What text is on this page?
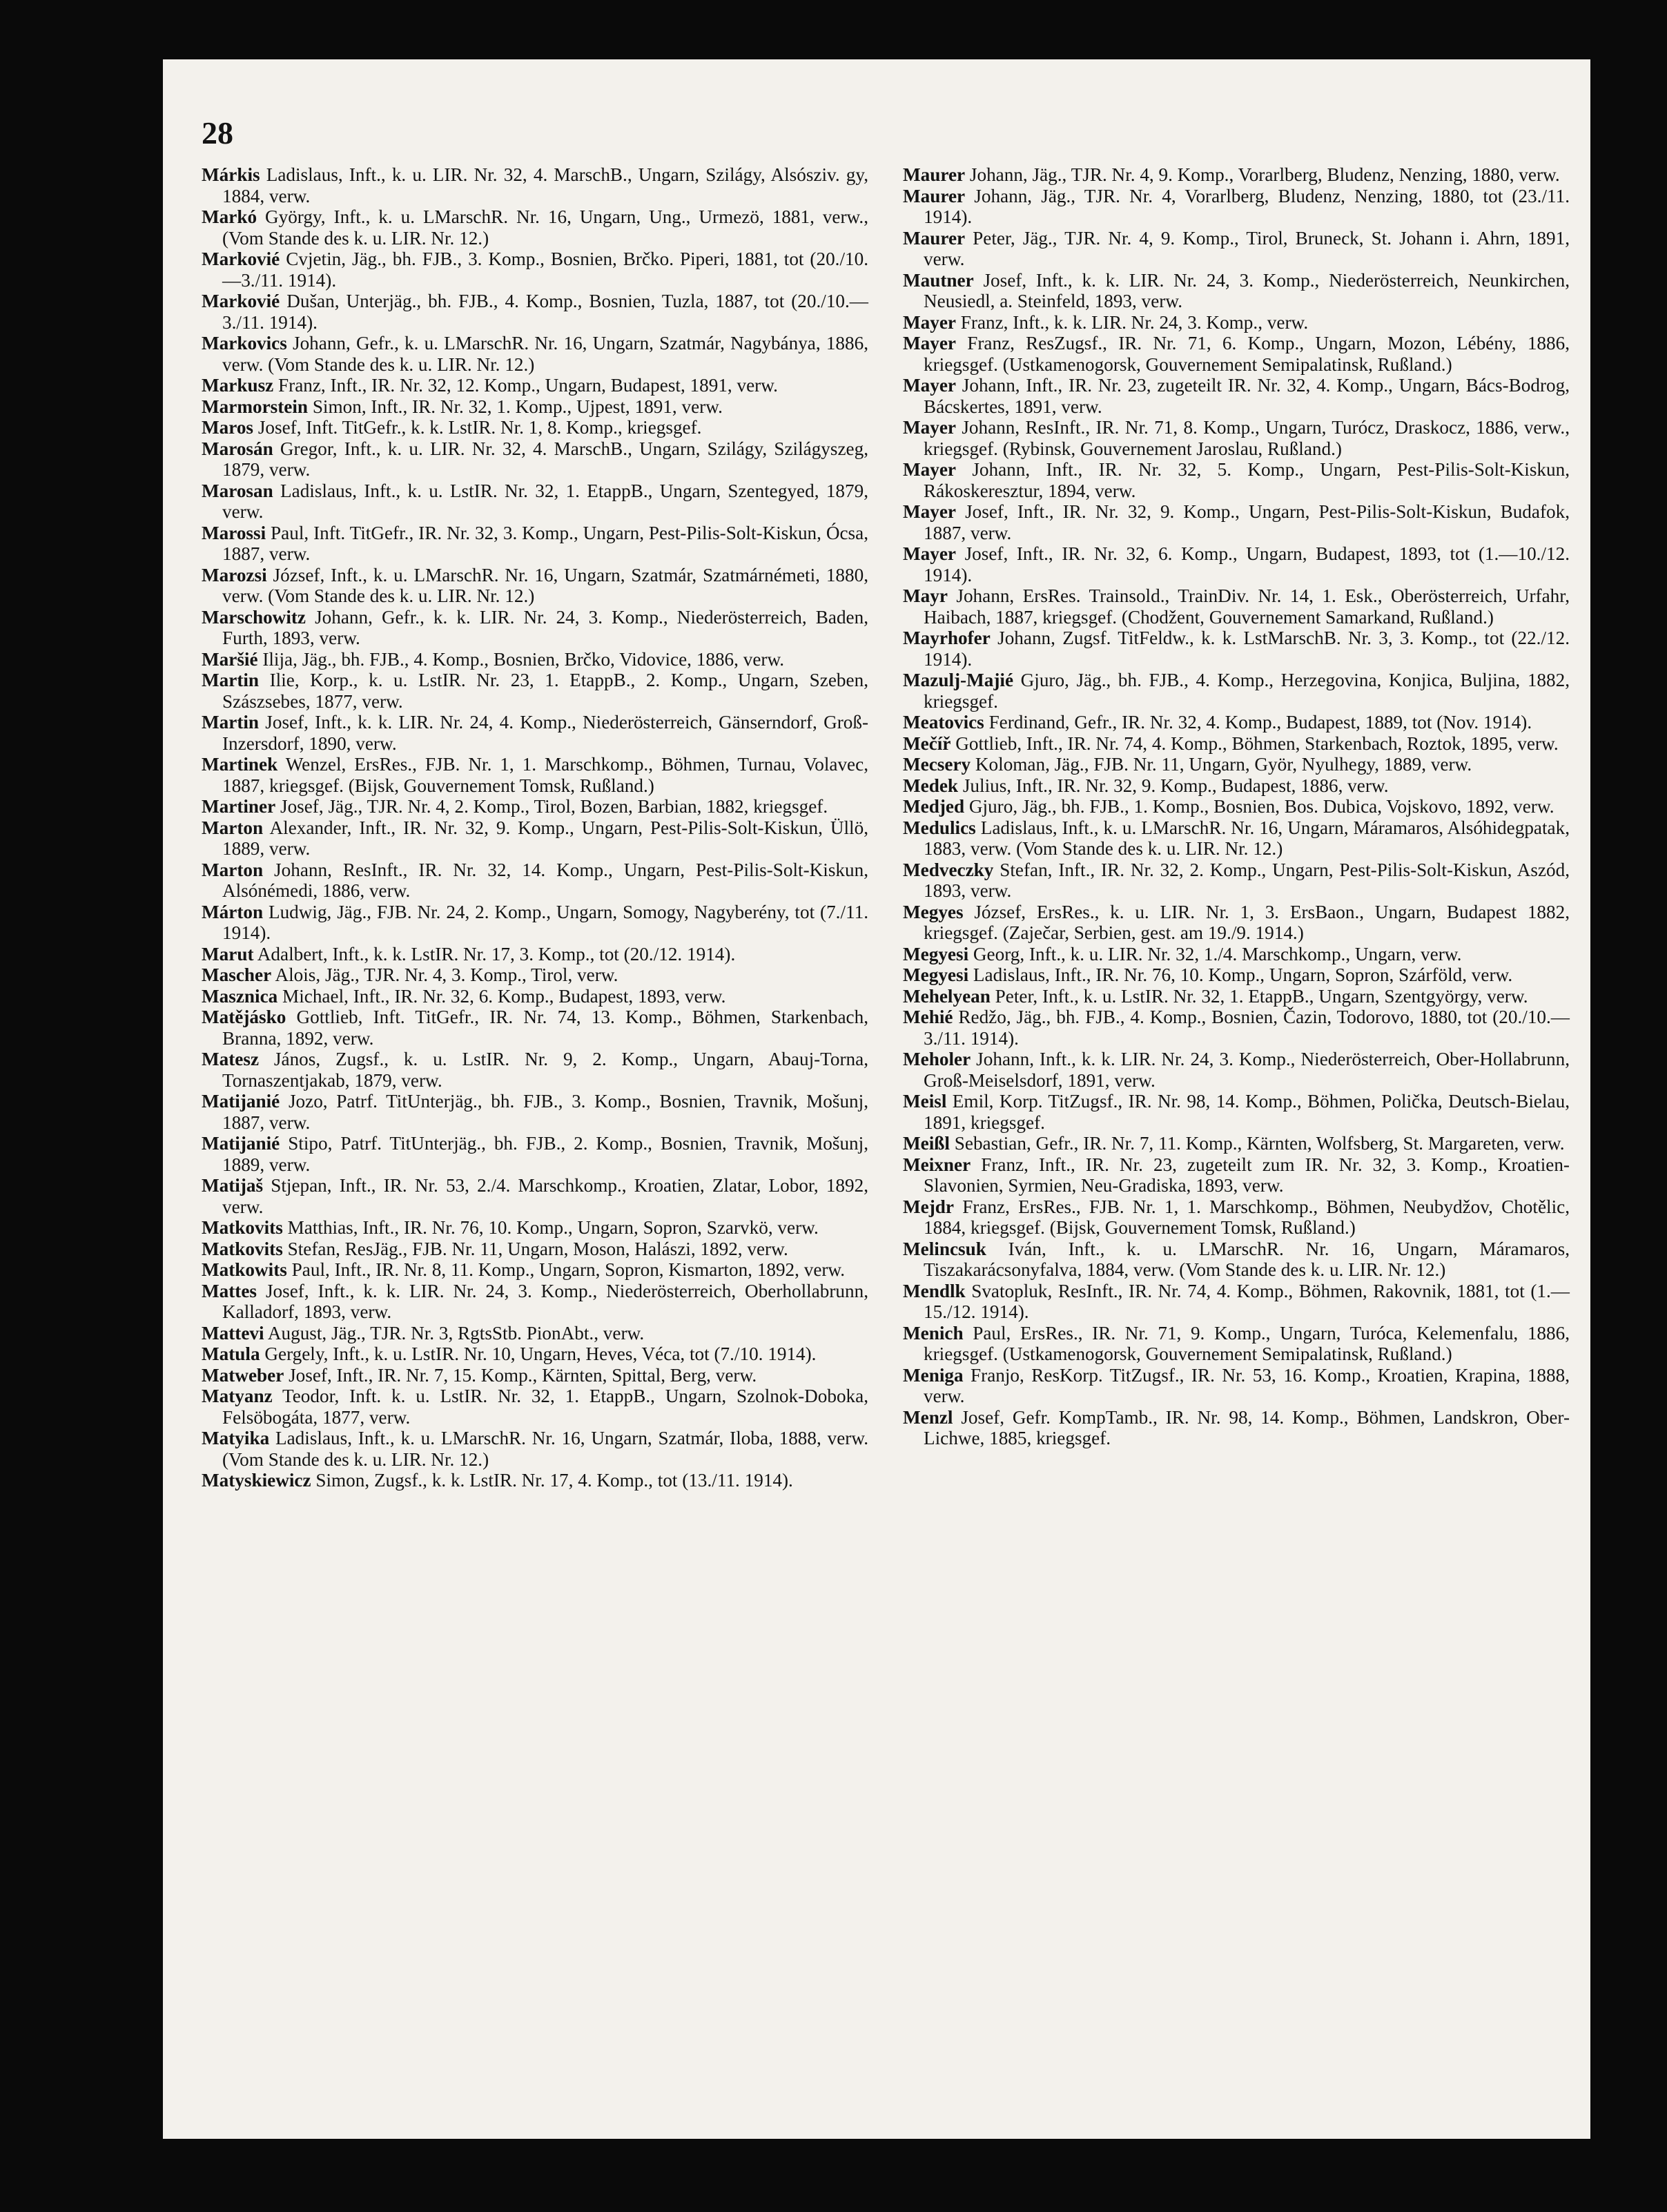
28

Márkis Ladislaus, Inft., k. u. LIR. Nr. 32, 4. MarschB., Ungarn, Szilágy, Alsósziv. gy, 1884, verw.

Markó György, Inft., k. u. LMarschR. Nr. 16, Ungarn, Ung., Urmezö, 1881, verw., (Vom Stande des k. u. LIR. Nr. 12.)

Markovié Cvjetin, Jäg., bh. FJB., 3. Komp., Bosnien, Brčko. Piperi, 1881, tot (20./10.—3./11. 1914).

Markovié Dušan, Unterjäg., bh. FJB., 4. Komp., Bosnien, Tuzla, 1887, tot (20./10.—3./11. 1914).

Markovics Johann, Gefr., k. u. LMarschR. Nr. 16, Ungarn, Szatmár, Nagybánya, 1886, verw. (Vom Stande des k. u. LIR. Nr. 12.)

Markusz Franz, Inft., IR. Nr. 32, 12. Komp., Ungarn, Budapest, 1891, verw.

Marmorstein Simon, Inft., IR. Nr. 32, 1. Komp., Ujpest, 1891, verw.

Maros Josef, Inft. TitGefr., k. k. LstIR. Nr. 1, 8. Komp., kriegsgef.

Marosán Gregor, Inft., k. u. LIR. Nr. 32, 4. MarschB., Ungarn, Szilágy, Szilágyszeg, 1879, verw.

Marosan Ladislaus, Inft., k. u. LstIR. Nr. 32, 1. EtappB., Ungarn, Szentegyed, 1879, verw.

Marossi Paul, Inft. TitGefr., IR. Nr. 32, 3. Komp., Ungarn, Pest-Pilis-Solt-Kiskun, Ócsa, 1887, verw.

Marozsi József, Inft., k. u. LMarschR. Nr. 16, Ungarn, Szatmár, Szatmárnémeti, 1880, verw. (Vom Stande des k. u. LIR. Nr. 12.)

Marschowitz Johann, Gefr., k. k. LIR. Nr. 24, 3. Komp., Niederösterreich, Baden, Furth, 1893, verw.

Maršié Ilija, Jäg., bh. FJB., 4. Komp., Bosnien, Brčko, Vidovice, 1886, verw.

Martin Ilie, Korp., k. u. LstIR. Nr. 23, 1. EtappB., 2. Komp., Ungarn, Szeben, Szászsebes, 1877, verw.

Martin Josef, Inft., k. k. LIR. Nr. 24, 4. Komp., Niederösterreich, Gänserndorf, Groß-Inzersdorf, 1890, verw.

Martinek Wenzel, ErsRes., FJB. Nr. 1, 1. Marschkomp., Böhmen, Turnau, Volavec, 1887, kriegsgef. (Bijsk, Gouvernement Tomsk, Rußland.)

Martiner Josef, Jäg., TJR. Nr. 4, 2. Komp., Tirol, Bozen, Barbian, 1882, kriegsgef.

Marton Alexander, Inft., IR. Nr. 32, 9. Komp., Ungarn, Pest-Pilis-Solt-Kiskun, Üllö, 1889, verw.

Marton Johann, ResInft., IR. Nr. 32, 14. Komp., Ungarn, Pest-Pilis-Solt-Kiskun, Alsónémedi, 1886, verw.

Márton Ludwig, Jäg., FJB. Nr. 24, 2. Komp., Ungarn, Somogy, Nagyberény, tot (7./11. 1914).

Marut Adalbert, Inft., k. k. LstIR. Nr. 17, 3. Komp., tot (20./12. 1914).

Mascher Alois, Jäg., TJR. Nr. 4, 3. Komp., Tirol, verw.

Masznica Michael, Inft., IR. Nr. 32, 6. Komp., Budapest, 1893, verw.

Matějásko Gottlieb, Inft. TitGefr., IR. Nr. 74, 13. Komp., Böhmen, Starkenbach, Branna, 1892, verw.

Matesz János, Zugsf., k. u. LstIR. Nr. 9, 2. Komp., Ungarn, Abauj-Torna, Tornaszentjakab, 1879, verw.

Matijanié Jozo, Patrf. TitUnterjäg., bh. FJB., 3. Komp., Bosnien, Travnik, Mošunj, 1887, verw.

Matijanié Stipo, Patrf. TitUnterjäg., bh. FJB., 2. Komp., Bosnien, Travnik, Mošunj, 1889, verw.

Matijaš Stjepan, Inft., IR. Nr. 53, 2./4. Marschkomp., Kroatien, Zlatar, Lobor, 1892, verw.

Matkovits Matthias, Inft., IR. Nr. 76, 10. Komp., Ungarn, Sopron, Szarvkö, verw.

Matkovits Stefan, ResJäg., FJB. Nr. 11, Ungarn, Moson, Halászi, 1892, verw.

Matkowits Paul, Inft., IR. Nr. 8, 11. Komp., Ungarn, Sopron, Kismarton, 1892, verw.

Mattes Josef, Inft., k. k. LIR. Nr. 24, 3. Komp., Niederösterreich, Oberhollabrunn, Kalladorf, 1893, verw.

Mattevi August, Jäg., TJR. Nr. 3, RgtsStb. PionAbt., verw.

Matula Gergely, Inft., k. u. LstIR. Nr. 10, Ungarn, Heves, Véca, tot (7./10. 1914).

Matweber Josef, Inft., IR. Nr. 7, 15. Komp., Kärnten, Spittal, Berg, verw.

Matyanz Teodor, Inft. k. u. LstIR. Nr. 32, 1. EtappB., Ungarn, Szolnok-Doboka, Felsöbogáta, 1877, verw.

Matyika Ladislaus, Inft., k. u. LMarschR. Nr. 16, Ungarn, Szatmár, Iloba, 1888, verw. (Vom Stande des k. u. LIR. Nr. 12.)

Matyskiewicz Simon, Zugsf., k. k. LstIR. Nr. 17, 4. Komp., tot (13./11. 1914).

Maurer Johann, Jäg., TJR. Nr. 4, 9. Komp., Vorarlberg, Bludenz, Nenzing, 1880, verw.

Maurer Johann, Jäg., TJR. Nr. 4, Vorarlberg, Bludenz, Nenzing, 1880, tot (23./11. 1914).

Maurer Peter, Jäg., TJR. Nr. 4, 9. Komp., Tirol, Bruneck, St. Johann i. Ahrn, 1891, verw.

Mautner Josef, Inft., k. k. LIR. Nr. 24, 3. Komp., Niederösterreich, Neunkirchen, Neusiedl, a. Steinfeld, 1893, verw.

Mayer Franz, Inft., k. k. LIR. Nr. 24, 3. Komp., verw.

Mayer Franz, ResZugsf., IR. Nr. 71, 6. Komp., Ungarn, Mozon, Lébény, 1886, kriegsgef. (Ustkamenogorsk, Gouvernement Semipalatinsk, Rußland.)

Mayer Johann, Inft., IR. Nr. 23, zugeteilt IR. Nr. 32, 4. Komp., Ungarn, Bács-Bodrog, Bácskertes, 1891, verw.

Mayer Johann, ResInft., IR. Nr. 71, 8. Komp., Ungarn, Turócz, Draskocz, 1886, verw., kriegsgef. (Rybinsk, Gouvernement Jaroslau, Rußland.)

Mayer Johann, Inft., IR. Nr. 32, 5. Komp., Ungarn, Pest-Pilis-Solt-Kiskun, Rákoskeresztur, 1894, verw.

Mayer Josef, Inft., IR. Nr. 32, 9. Komp., Ungarn, Pest-Pilis-Solt-Kiskun, Budafok, 1887, verw.

Mayer Josef, Inft., IR. Nr. 32, 6. Komp., Ungarn, Budapest, 1893, tot (1.—10./12. 1914).

Mayr Johann, ErsRes. Trainsold., TrainDiv. Nr. 14, 1. Esk., Oberösterreich, Urfahr, Haibach, 1887, kriegsgef. (Chodžent, Gouvernement Samarkand, Rußland.)

Mayrhofer Johann, Zugsf. TitFeldw., k. k. LstMarschB. Nr. 3, 3. Komp., tot (22./12. 1914).

Mazulj-Majié Gjuro, Jäg., bh. FJB., 4. Komp., Herzegovina, Konjica, Buljina, 1882, kriegsgef.

Meatovics Ferdinand, Gefr., IR. Nr. 32, 4. Komp., Budapest, 1889, tot (Nov. 1914).

Mečíř Gottlieb, Inft., IR. Nr. 74, 4. Komp., Böhmen, Starkenbach, Roztok, 1895, verw.

Mecsery Koloman, Jäg., FJB. Nr. 11, Ungarn, Györ, Nyulhegy, 1889, verw.

Medek Julius, Inft., IR. Nr. 32, 9. Komp., Budapest, 1886, verw.

Medjed Gjuro, Jäg., bh. FJB., 1. Komp., Bosnien, Bos. Dubica, Vojskovo, 1892, verw.

Medulics Ladislaus, Inft., k. u. LMarschR. Nr. 16, Ungarn, Máramaros, Alsóhidegpatak, 1883, verw. (Vom Stande des k. u. LIR. Nr. 12.)

Medveczky Stefan, Inft., IR. Nr. 32, 2. Komp., Ungarn, Pest-Pilis-Solt-Kiskun, Aszód, 1893, verw.

Megyes József, ErsRes., k. u. LIR. Nr. 1, 3. ErsBaon., Ungarn, Budapest 1882, kriegsgef. (Zaječar, Serbien, gest. am 19./9. 1914.)

Megyesi Georg, Inft., k. u. LIR. Nr. 32, 1./4. Marschkomp., Ungarn, verw.

Megyesi Ladislaus, Inft., IR. Nr. 76, 10. Komp., Ungarn, Sopron, Szárföld, verw.

Mehelyean Peter, Inft., k. u. LstIR. Nr. 32, 1. EtappB., Ungarn, Szentgyörgy, verw.

Mehié Redžo, Jäg., bh. FJB., 4. Komp., Bosnien, Čazin, Todorovo, 1880, tot (20./10.—3./11. 1914).

Meholer Johann, Inft., k. k. LIR. Nr. 24, 3. Komp., Niederösterreich, Ober-Hollabrunn, Groß-Meiselsdorf, 1891, verw.

Meisl Emil, Korp. TitZugsf., IR. Nr. 98, 14. Komp., Böhmen, Polička, Deutsch-Bielau, 1891, kriegsgef.

Meißl Sebastian, Gefr., IR. Nr. 7, 11. Komp., Kärnten, Wolfsberg, St. Margareten, verw.

Meixner Franz, Inft., IR. Nr. 23, zugeteilt zum IR. Nr. 32, 3. Komp., Kroatien-Slavonien, Syrmien, Neu-Gradiska, 1893, verw.

Mejdr Franz, ErsRes., FJB. Nr. 1, 1. Marschkomp., Böhmen, Neubydžov, Chotělic, 1884, kriegsgef. (Bijsk, Gouvernement Tomsk, Rußland.)

Melincsuk Iván, Inft., k. u. LMarschR. Nr. 16, Ungarn, Máramaros, Tiszakarácsonyfalva, 1884, verw. (Vom Stande des k. u. LIR. Nr. 12.)

Mendlk Svatopluk, ResInft., IR. Nr. 74, 4. Komp., Böhmen, Rakovnik, 1881, tot (1.—15./12. 1914).

Menich Paul, ErsRes., IR. Nr. 71, 9. Komp., Ungarn, Turóca, Kelemenfalu, 1886, kriegsgef. (Ustkamenogorsk, Gouvernement Semipalatinsk, Rußland.)

Meniga Franjo, ResKorp. TitZugsf., IR. Nr. 53, 16. Komp., Kroatien, Krapina, 1888, verw.

Menzl Josef, Gefr. KompTamb., IR. Nr. 98, 14. Komp., Böhmen, Landskron, Ober-Lichwe, 1885, kriegsgef.
